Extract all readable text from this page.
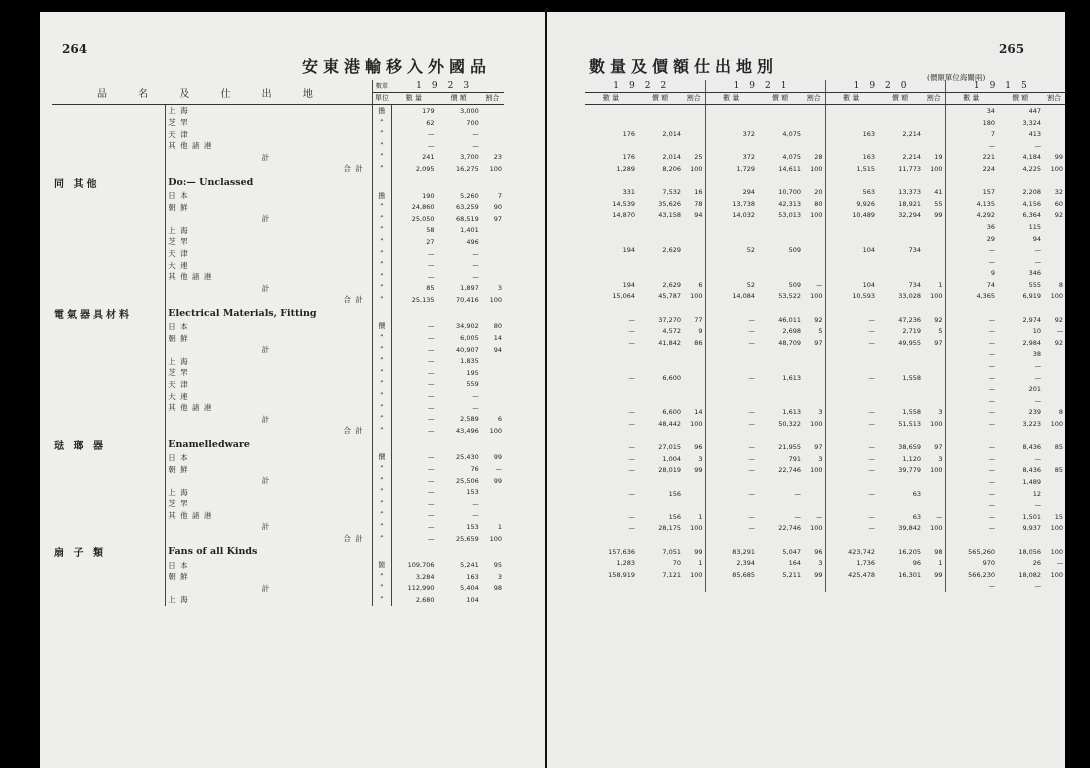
264
安東港輸移入外國品
品 名 及 仕 出 地		數單	1923		
		單位	數 量	價 額	割合
	上 海	擔	179	3,000	
	芝 罘	”	62	700	
	天 津	”	—	—	
	其 他 諸 港	”	—	—	
	計	”	241	3,700	23
	合 計	”	2,095	16,275	100
同 其他	Do:— Unclassed				
	日 本	擔	190	5,260	7
	朝 鮮	”	24,860	63,259	90
	計	”	25,050	68,519	97
	上 海	”	58	1,401	
	芝 罘	”	27	496	
	天 津	”	—	—	
	大 連	”	—	—	
	其 他 諸 港	”	—	—	
	計	”	85	1,897	3
	合 計	”	25,135	70,416	100
電氣器具材料	Electrical Materials, Fitting				
	日 本	價	—	34,902	80
	朝 鮮	”	—	6,005	14
	計	”	—	40,907	94
	上 海	”	—	1,835	
	芝 罘	”	—	195	
	天 津	”	—	559	
	大 連	”	—	—	
	其 他 諸 港	”	—	—	
	計	”	—	2,589	6
	合 計	”	—	43,496	100
琺 瑯 器	Enamelledware				
	日 本	價	—	25,430	99
	朝 鮮	”	—	76	—
	計	”	—	25,506	99
	上 海	”	—	153	
	芝 罘	”	—	—	
	其 他 諸 港	”	—	—	
	計	”	—	153	1
	合 計	”	—	25,659	100
扇 子 類	Fans of all Kinds				
	日 本	箇	109,706	5,241	95
	朝 鮮	”	3,284	163	3
	計	”	112,990	5,404	98
	上 海	”	2,680	104	
數量及價額仕出地別
265
(價額單位海關兩)
1922			1921			1920			1915		
數 量	價 額	割合	數 量	價 額	割合	數 量	價 額	割合	數 量	價 額	割合
									34	447	
									180	3,324	
176	2,014		372	4,075		163	2,214		7	413	
									—	—	
176	2,014	25	372	4,075	28	163	2,214	19	221	4,184	99
1,289	8,206	100	1,729	14,611	100	1,515	11,773	100	224	4,225	100

331	7,532	16	294	10,700	20	563	13,373	41	157	2,208	32
14,539	35,626	78	13,738	42,313	80	9,926	18,921	55	4,135	4,156	60
14,870	43,158	94	14,032	53,013	100	10,489	32,294	99	4,292	6,364	92
									36	115	
									29	94	
194	2,629		52	509		104	734		—	—	
									—	—	
									9	346	
194	2,629	6	52	509	—	104	734	1	74	555	8
15,064	45,787	100	14,084	53,522	100	10,593	33,028	100	4,365	6,919	100

—	37,270	77	—	46,011	92	—	47,236	92	—	2,974	92
—	4,572	9	—	2,698	5	—	2,719	5	—	10	—
—	41,842	86	—	48,709	97	—	49,955	97	—	2,984	92
									—	38	
									—	—	
—	6,600		—	1,613		—	1,558		—	—	
									—	201	
									—	—	
—	6,600	14	—	1,613	3	—	1,558	3	—	239	8
—	48,442	100	—	50,322	100	—	51,513	100	—	3,223	100

—	27,015	96	—	21,955	97	—	38,659	97	—	8,436	85
—	1,004	3	—	791	3	—	1,120	3	—	—	
—	28,019	99	—	22,746	100	—	39,779	100	—	8,436	85
									—	1,489	
—	156		—	—		—	63		—	12	
									—	—	
—	156	1	—	—	—	—	63	—	—	1,501	15
—	28,175	100	—	22,746	100	—	39,842	100	—	9,937	100

157,636	7,051	99	83,291	5,047	96	423,742	16,205	98	565,260	18,056	100
1,283	70	1	2,394	164	3	1,736	96	1	970	26	—
158,919	7,121	100	85,685	5,211	99	425,478	16,301	99	566,230	18,082	100
									—	—	
